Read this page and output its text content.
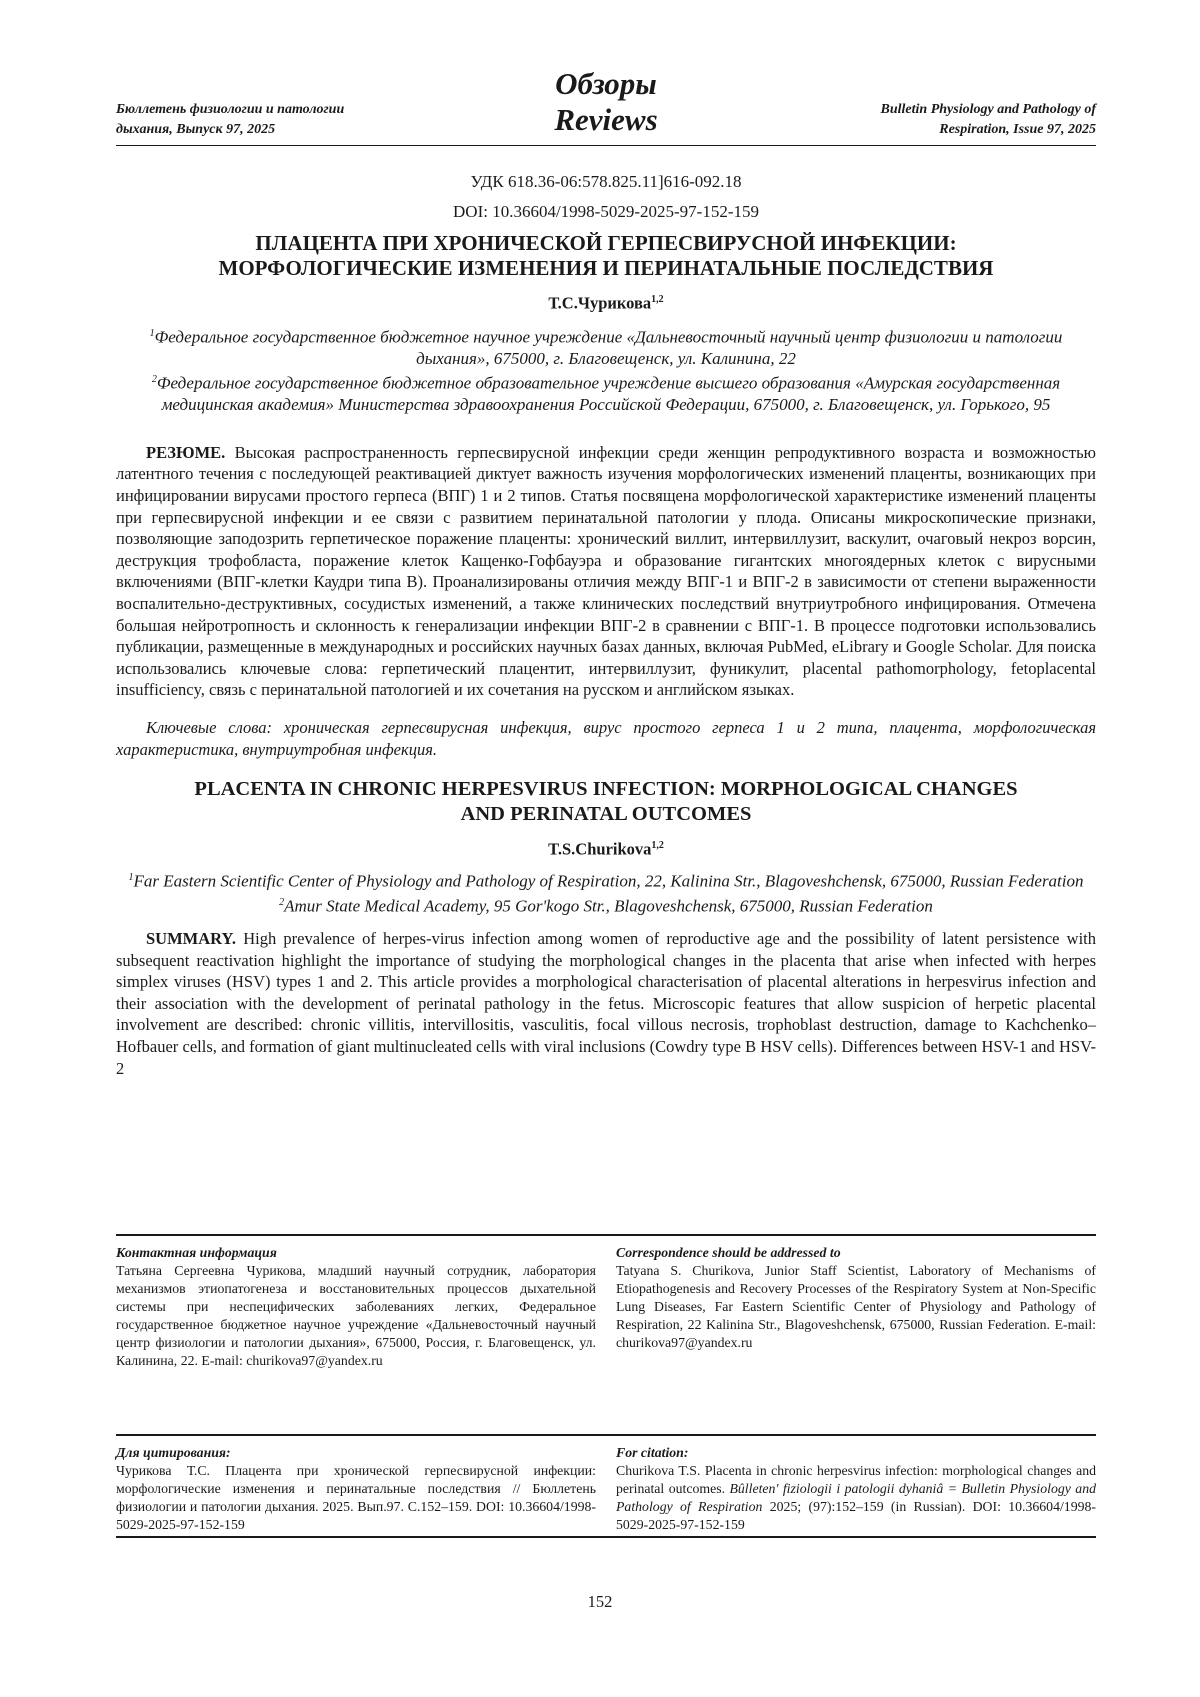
Бюллетень физиологии и патологии
дыхания, Выпуск 97, 2025
Обзоры
Reviews	Bulletin Physiology and Pathology of
Respiration, Issue 97, 2025
УДК 618.36-06:578.825.11]616-092.18
DOI: 10.36604/1998-5029-2025-97-152-159
ПЛАЦЕНТА ПРИ ХРОНИЧЕСКОЙ ГЕРПЕСВИРУСНОЙ ИНФЕКЦИИ:
МОРФОЛОГИЧЕСКИЕ ИЗМЕНЕНИЯ И ПЕРИНАТАЛЬНЫЕ ПОСЛЕДСТВИЯ
Т.С.Чурикова1,2
1Федеральное государственное бюджетное научное учреждение «Дальневосточный научный центр физиологии и патологии дыхания», 675000, г. Благовещенск, ул. Калинина, 22
2Федеральное государственное бюджетное образовательное учреждение высшего образования «Амурская государственная медицинская академия» Министерства здравоохранения Российской Федерации, 675000, г. Благовещенск, ул. Горького, 95

РЕЗЮМЕ. Высокая распространенность герпесвирусной инфекции среди женщин репродуктивного возраста и возможностью латентного течения с последующей реактивацией диктует важность изучения морфологических изменений плаценты, возникающих при инфицировании вирусами простого герпеса (ВПГ) 1 и 2 типов. Статья посвящена морфологической характеристике изменений плаценты при герпесвирусной инфекции и ее связи с развитием перинатальной патологии у плода. Описаны микроскопические признаки, позволяющие заподозрить герпетическое поражение плаценты: хронический виллит, интервиллузит, васкулит, очаговый некроз ворсин, деструкция трофобласта, поражение клеток Кащенко-Гофбауэра и образование гигантских многоядерных клеток с вирусными включениями (ВПГ-клетки Каудри типа В). Проанализированы отличия между ВПГ-1 и ВПГ-2 в зависимости от степени выраженности воспалительно-деструктивных, сосудистых изменений, а также клинических последствий внутриутробного инфицирования. Отмечена большая нейротропность и склонность к генерализации инфекции ВПГ-2 в сравнении с ВПГ-1. В процессе подготовки использовались публикации, размещенные в международных и российских научных базах данных, включая PubMed, eLibrary и Google Scholar. Для поиска использовались ключевые слова: герпетический плацентит, интервиллузит, фуникулит, placental pathomorphology, fetoplacental insufficiency, связь с перинатальной патологией и их сочетания на русском и английском языках.

Ключевые слова: хроническая герпесвирусная инфекция, вирус простого герпеса 1 и 2 типа, плацента, морфологическая характеристика, внутриутробная инфекция.

PLACENTA IN CHRONIC HERPESVIRUS INFECTION: MORPHOLOGICAL CHANGES
AND PERINATAL OUTCOMES
T.S.Churikova1,2
1Far Eastern Scientific Center of Physiology and Pathology of Respiration, 22, Kalinina Str., Blagoveshchensk, 675000, Russian Federation
2Amur State Medical Academy, 95 Gor'kogo Str., Blagoveshchensk, 675000, Russian Federation

SUMMARY. High prevalence of herpes-virus infection among women of reproductive age and the possibility of latent persistence with subsequent reactivation highlight the importance of studying the morphological changes in the placenta that arise when infected with herpes simplex viruses (HSV) types 1 and 2. This article provides a morphological characterisation of placental alterations in herpesvirus infection and their association with the development of perinatal pathology in the fetus. Microscopic features that allow suspicion of herpetic placental involvement are described: chronic villitis, intervillositis, vasculitis, focal villous necrosis, trophoblast destruction, damage to Kachchenko–Hofbauer cells, and formation of giant multinucleated cells with viral inclusions (Cowdry type B HSV cells). Differences between HSV-1 and HSV-2

Контактная информация
Татьяна Сергеевна Чурикова, младший научный сотрудник, лаборатория механизмов этиопатогенеза и восстановительных процессов дыхательной системы при неспецифических заболеваниях легких, Федеральное государственное бюджетное научное учреждение «Дальневосточный научный центр физиологии и патологии дыхания», 675000, Россия, г. Благовещенск, ул. Калинина, 22. E-mail: churikova97@yandex.ru
Correspondence should be addressed to
Tatyana S. Churikova, Junior Staff Scientist, Laboratory of Mechanisms of Etiopathogenesis and Recovery Processes of the Respiratory System at Non-Specific Lung Diseases, Far Eastern Scientific Center of Physiology and Pathology of Respiration, 22 Kalinina Str., Blagoveshchensk, 675000, Russian Federation. E-mail: churikova97@yandex.ru
Для цитирования:
Чурикова Т.С. Плацента при хронической герпесвирусной инфекции: морфологические изменения и перинатальные последствия // Бюллетень физиологии и патологии дыхания. 2025. Вып.97. С.152–159. DOI: 10.36604/1998-5029-2025-97-152-159
For citation:
Churikova T.S. Placenta in chronic herpesvirus infection: morphological changes and perinatal outcomes. Bûlleten' fiziologii i patologii dyhaniâ = Bulletin Physiology and Pathology of Respiration 2025; (97):152–159 (in Russian). DOI: 10.36604/1998-5029-2025-97-152-159
152
